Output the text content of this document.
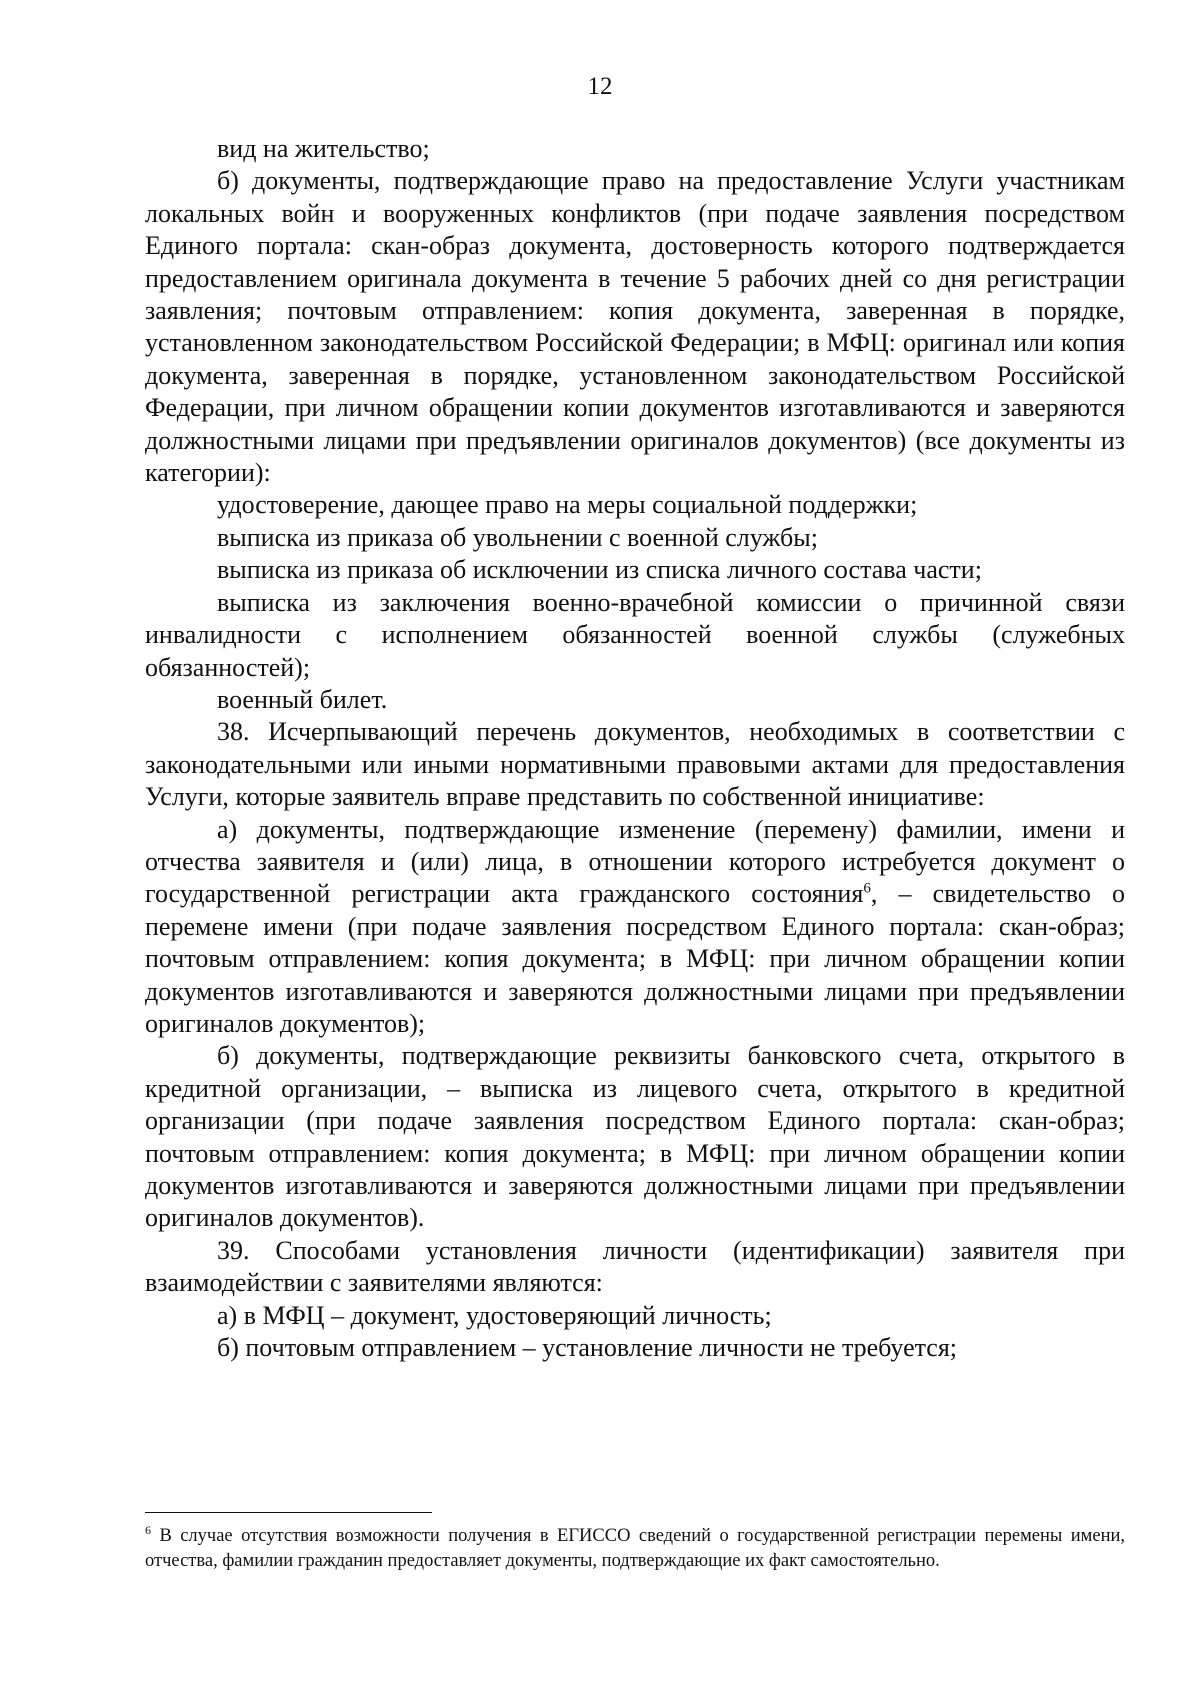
12

вид на жительство;

б) документы, подтверждающие право на предоставление Услуги участникам локальных войн и вооруженных конфликтов (при подаче заявления посредством Единого портала: скан-образ документа, достоверность которого подтверждается предоставлением оригинала документа в течение 5 рабочих дней со дня регистрации заявления; почтовым отправлением: копия документа, заверенная в порядке, установленном законодательством Российской Федерации; в МФЦ: оригинал или копия документа, заверенная в порядке, установленном законодательством Российской Федерации, при личном обращении копии документов изготавливаются и заверяются должностными лицами при предъявлении оригиналов документов) (все документы из категории):

удостоверение, дающее право на меры социальной поддержки;

выписка из приказа об увольнении с военной службы;

выписка из приказа об исключении из списка личного состава части;

выписка из заключения военно-врачебной комиссии о причинной связи инвалидности с исполнением обязанностей военной службы (служебных обязанностей);

военный билет.

38. Исчерпывающий перечень документов, необходимых в соответствии с законодательными или иными нормативными правовыми актами для предоставления Услуги, которые заявитель вправе представить по собственной инициативе:

а) документы, подтверждающие изменение (перемену) фамилии, имени и отчества заявителя и (или) лица, в отношении которого истребуется документ о государственной регистрации акта гражданского состояния$^6$, – свидетельство о перемене имени (при подаче заявления посредством Единого портала: скан-образ; почтовым отправлением: копия документа; в МФЦ: при личном обращении копии документов изготавливаются и заверяются должностными лицами при предъявлении оригиналов документов);

б) документы, подтверждающие реквизиты банковского счета, открытого в кредитной организации, – выписка из лицевого счета, открытого в кредитной организации (при подаче заявления посредством Единого портала: скан-образ; почтовым отправлением: копия документа; в МФЦ: при личном обращении копии документов изготавливаются и заверяются должностными лицами при предъявлении оригиналов документов).

39. Способами установления личности (идентификации) заявителя при взаимодействии с заявителями являются:

а) в МФЦ – документ, удостоверяющий личность;

б) почтовым отправлением – установление личности не требуется;

$^6$ В случае отсутствия возможности получения в ЕГИССО сведений о государственной регистрации перемены имени, отчества, фамилии гражданин предоставляет документы, подтверждающие их факт самостоятельно.
